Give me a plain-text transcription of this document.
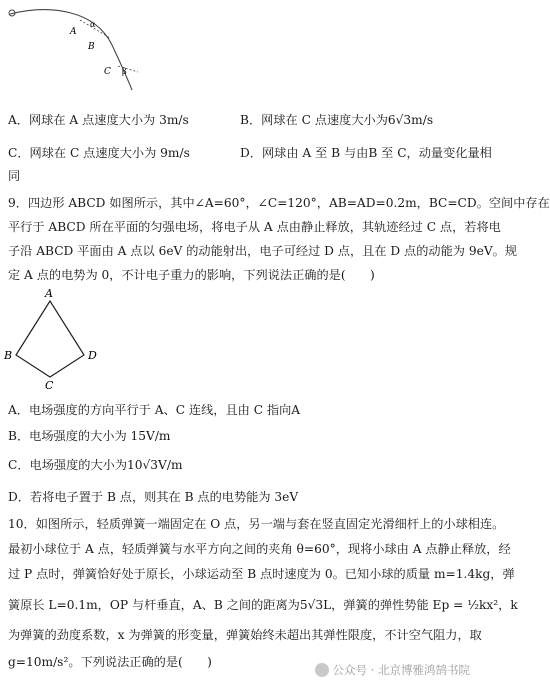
A
α
B
C β
A．网球在 A 点速度大小为 3m/s	B．网球在 C 点速度大小为6√3m/s
C．网球在 C 点速度大小为 9m/s	D．网球由 A 至 B 与由B 至 C，动量变化量相
同
9．四边形 ABCD 如图所示，其中∠A=60°，∠C=120°，AB=AD=0.2m，BC=CD。空间中存在
平行于 ABCD 所在平面的匀强电场，将电子从 A 点由静止释放，其轨迹经过 C 点，若将电
子沿 ABCD 平面由 A 点以 6eV 的动能射出，电子可经过 D 点，且在 D 点的动能为 9eV。规
定 A 点的电势为 0，不计电子重力的影响，下列说法正确的是(　　)
A
B
C
D
A．电场强度的方向平行于 A、C 连线，且由 C 指向A
B．电场强度的大小为 15V/m
C．电场强度的大小为10√3V/m
D．若将电子置于 B 点，则其在 B 点的电势能为 3eV
10．如图所示，轻质弹簧一端固定在 O 点，另一端与套在竖直固定光滑细杆上的小球相连。
最初小球位于 A 点，轻质弹簧与水平方向之间的夹角 θ=60°，现将小球由 A 点静止释放，经
过 P 点时，弹簧恰好处于原长，小球运动至 B 点时速度为 0。已知小球的质量 m=1.4kg，弹
簧原长 L=0.1m，OP 与杆垂直，A、B 之间的距离为5√3L，弹簧的弹性势能 Ep = ½kx²，k
为弹簧的劲度系数，x 为弹簧的形变量，弹簧始终未超出其弹性限度，不计空气阻力，取
g=10m/s²。下列说法正确的是(　　)
公众号 · 北京博雅鸿鹄书院
